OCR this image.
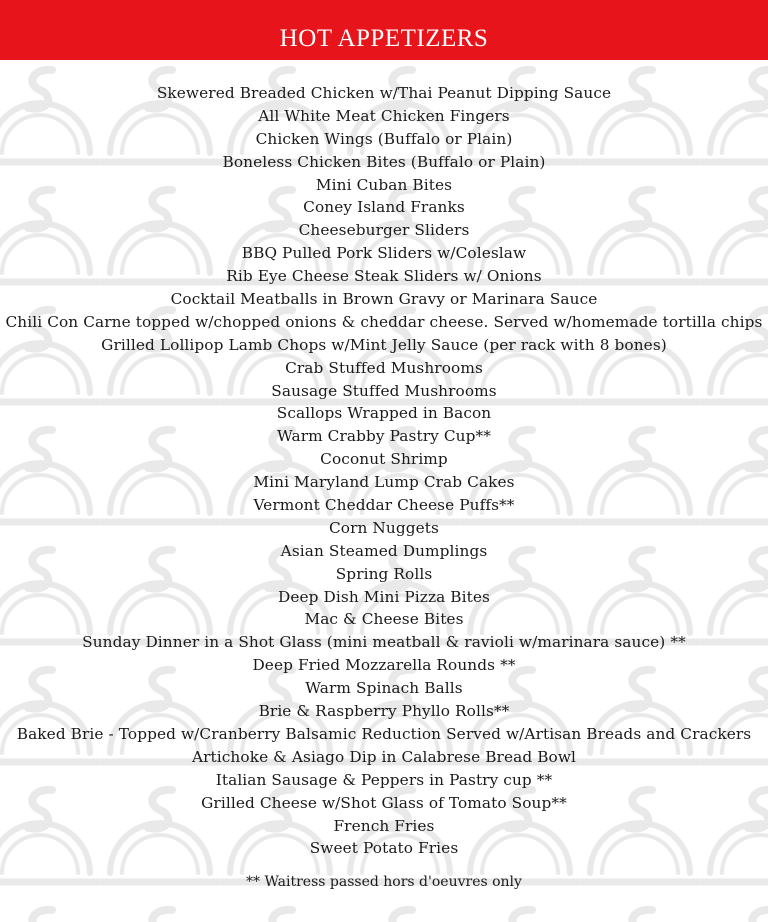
HOT APPETIZERS
Skewered Breaded Chicken w/Thai Peanut Dipping Sauce
All White Meat Chicken Fingers
Chicken Wings (Buffalo or Plain)
Boneless Chicken Bites (Buffalo or Plain)
Mini Cuban Bites
Coney Island Franks
Cheeseburger Sliders
BBQ Pulled Pork Sliders w/Coleslaw
Rib Eye Cheese Steak Sliders w/ Onions
Cocktail Meatballs in Brown Gravy or Marinara Sauce
Chili Con Carne topped w/chopped onions & cheddar cheese. Served w/homemade tortilla chips
Grilled Lollipop Lamb Chops w/Mint Jelly Sauce (per rack with 8 bones)
Crab Stuffed Mushrooms
Sausage Stuffed Mushrooms
Scallops Wrapped in Bacon
Warm Crabby Pastry Cup**
Coconut Shrimp
Mini Maryland Lump Crab Cakes
Vermont Cheddar Cheese Puffs**
Corn Nuggets
Asian Steamed Dumplings
Spring Rolls
Deep Dish Mini Pizza Bites
Mac & Cheese Bites
Sunday Dinner in a Shot Glass (mini meatball & ravioli w/marinara sauce) **
Deep Fried Mozzarella Rounds **
Warm Spinach Balls
Brie & Raspberry Phyllo Rolls**
Baked Brie - Topped w/Cranberry Balsamic Reduction Served w/Artisan Breads and Crackers
Artichoke & Asiago Dip in Calabrese Bread Bowl
Italian Sausage & Peppers in Pastry cup **
Grilled Cheese w/Shot Glass of Tomato Soup**
French Fries
Sweet Potato Fries
** Waitress passed hors d'oeuvres only
